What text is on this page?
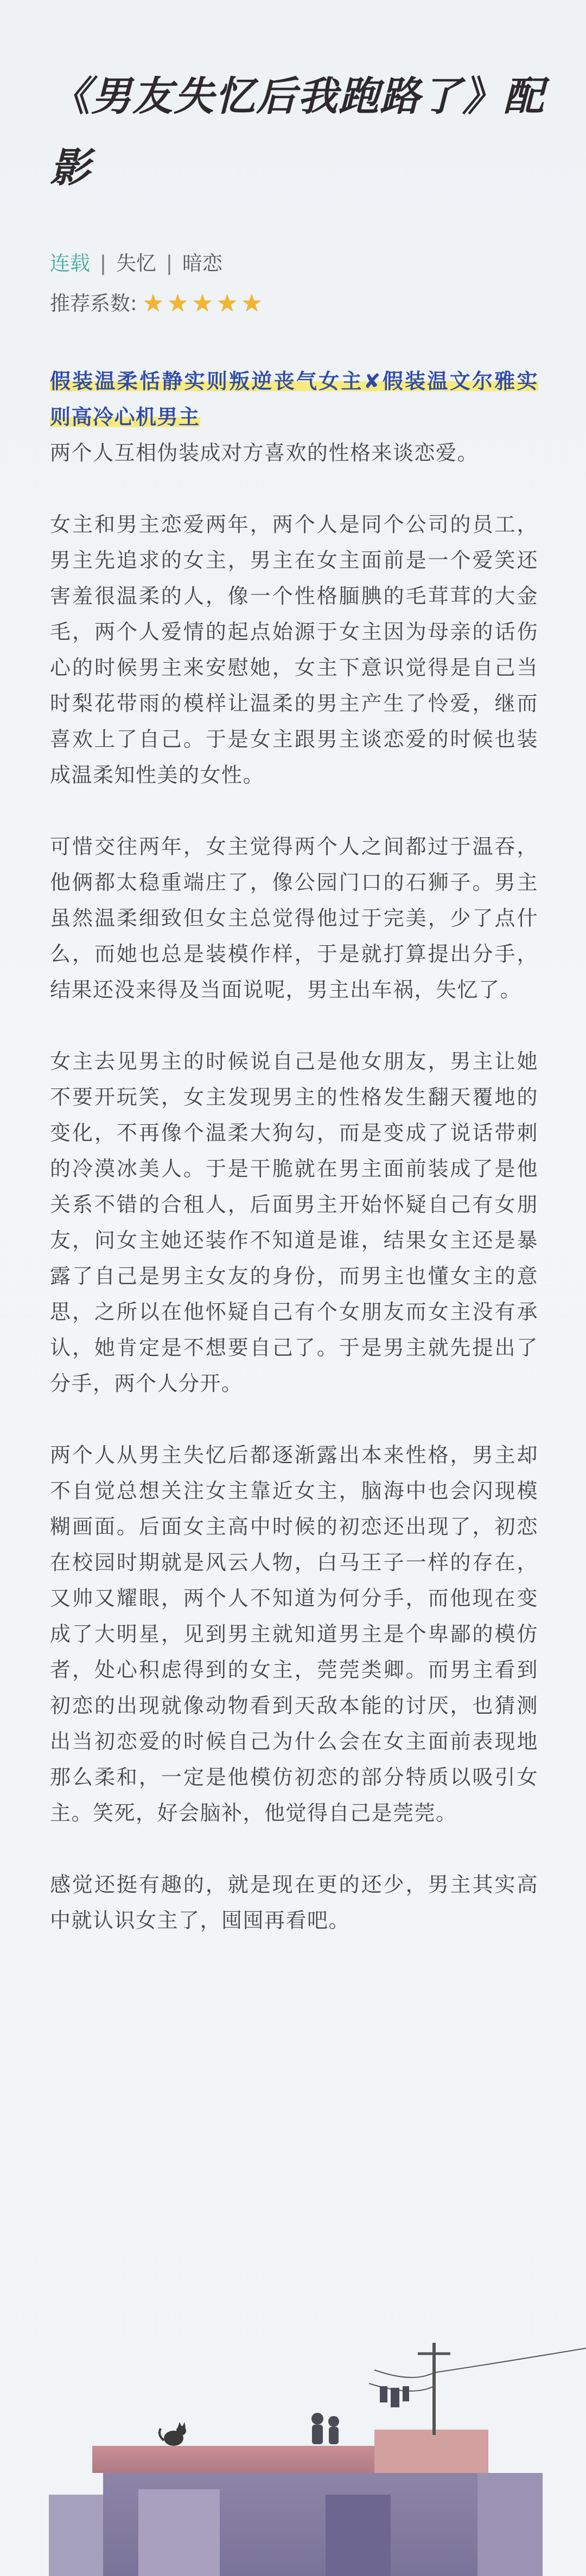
《男友失忆后我跑路了》配影
连载 | 失忆 | 暗恋
推荐系数: ★ ★ ★ ★ ★
假装温柔恬静实则叛逆丧气女主✘假装温文尔雅实则高冷心机男主
两个人互相伪装成对方喜欢的性格来谈恋爱。

女主和男主恋爱两年，两个人是同个公司的员工，男主先追求的女主，男主在女主面前是一个爱笑还害羞很温柔的人，像一个性格腼腆的毛茸茸的大金毛，两个人爱情的起点始源于女主因为母亲的话伤心的时候男主来安慰她，女主下意识觉得是自己当时梨花带雨的模样让温柔的男主产生了怜爱，继而喜欢上了自己。于是女主跟男主谈恋爱的时候也装成温柔知性美的女性。

可惜交往两年，女主觉得两个人之间都过于温吞，他俩都太稳重端庄了，像公园门口的石狮子。男主虽然温柔细致但女主总觉得他过于完美，少了点什么，而她也总是装模作样，于是就打算提出分手，结果还没来得及当面说呢，男主出车祸，失忆了。

女主去见男主的时候说自己是他女朋友，男主让她不要开玩笑，女主发现男主的性格发生翻天覆地的变化，不再像个温柔大狗勾，而是变成了说话带刺的冷漠冰美人。于是干脆就在男主面前装成了是他关系不错的合租人，后面男主开始怀疑自己有女朋友，问女主她还装作不知道是谁，结果女主还是暴露了自己是男主女友的身份，而男主也懂女主的意思，之所以在他怀疑自己有个女朋友而女主没有承认，她肯定是不想要自己了。于是男主就先提出了分手，两个人分开。

两个人从男主失忆后都逐渐露出本来性格，男主却不自觉总想关注女主靠近女主，脑海中也会闪现模糊画面。后面女主高中时候的初恋还出现了，初恋在校园时期就是风云人物，白马王子一样的存在，又帅又耀眼，两个人不知道为何分手，而他现在变成了大明星，见到男主就知道男主是个卑鄙的模仿者，处心积虑得到的女主，莞莞类卿。而男主看到初恋的出现就像动物看到天敌本能的讨厌，也猜测出当初恋爱的时候自己为什么会在女主面前表现地那么柔和，一定是他模仿初恋的部分特质以吸引女主。笑死，好会脑补，他觉得自己是莞莞。

感觉还挺有趣的，就是现在更的还少，男主其实高中就认识女主了，囤囤再看吧。
